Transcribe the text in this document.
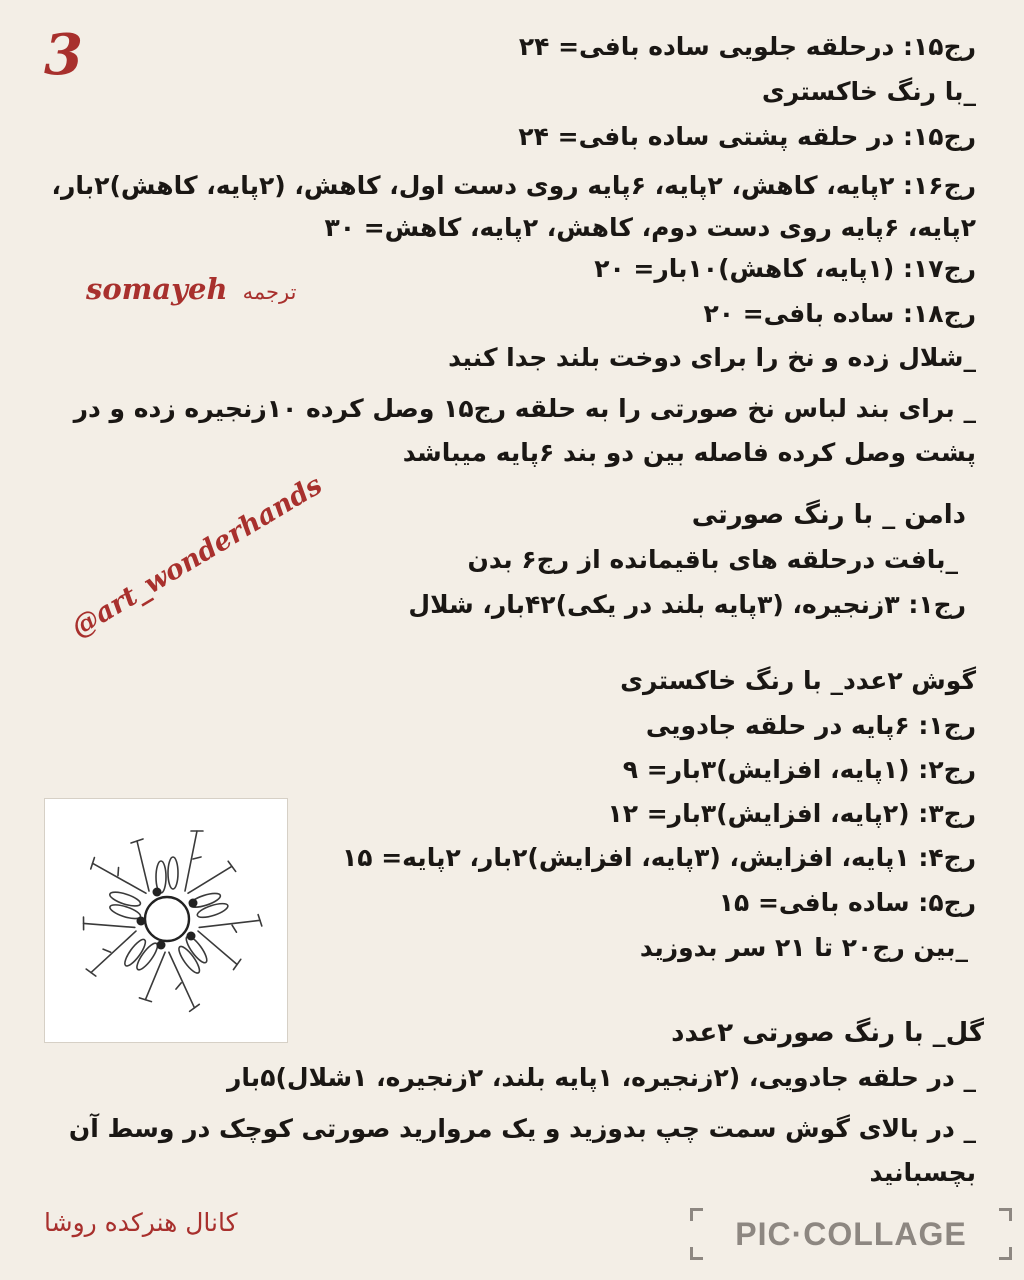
3	رج۱۵: درحلقه جلویی ساده بافی= ۲۴

_با رنگ خاکستری

رج۱۵: در حلقه پشتی ساده بافی= ۲۴

رج۱۶: ۲پایه، کاهش، ۲پایه، ۶پایه روی دست اول، کاهش، (۲پایه، کاهش)۲بار، ۲پایه، ۶پایه روی دست دوم، کاهش، ۲پایه، کاهش= ۳۰

رج۱۷: (۱پایه، کاهش)۱۰بار= ۲۰

رج۱۸: ساده بافی= ۲۰

_شلال زده و نخ را برای دوخت بلند جدا کنید

_ برای بند لباس نخ صورتی را به حلقه رج۱۵ وصل کرده ۱۰زنجیره زده و در پشت وصل کرده فاصله بین دو بند ۶پایه میباشد

somayeh ترجمه

دامن _ با رنگ صورتی

_بافت درحلقه های باقیمانده از رج۶ بدن

رج۱: ۳زنجیره، (۳پایه بلند در یکی)۴۲بار، شلال

@art_wonderhands

گوش ۲عدد_ با رنگ خاکستری

رج۱: ۶پایه در حلقه جادویی

رج۲: (۱پایه، افزایش)۳بار= ۹

رج۳: (۲پایه، افزایش)۳بار= ۱۲

رج۴: ۱پایه، افزایش، (۳پایه، افزایش)۲بار، ۲پایه= ۱۵

رج۵: ساده بافی= ۱۵

_بین رج۲۰ تا ۲۱ سر بدوزید

گل_ با رنگ صورتی ۲عدد

_ در حلقه جادویی، (۲زنجیره، ۱پایه بلند، ۲زنجیره، ۱شلال)۵بار

_ در بالای گوش سمت چپ بدوزید و یک مروارید صورتی کوچک در وسط آن بچسبانید

کانال هنرکده روشا	PIC·COLLAGE
